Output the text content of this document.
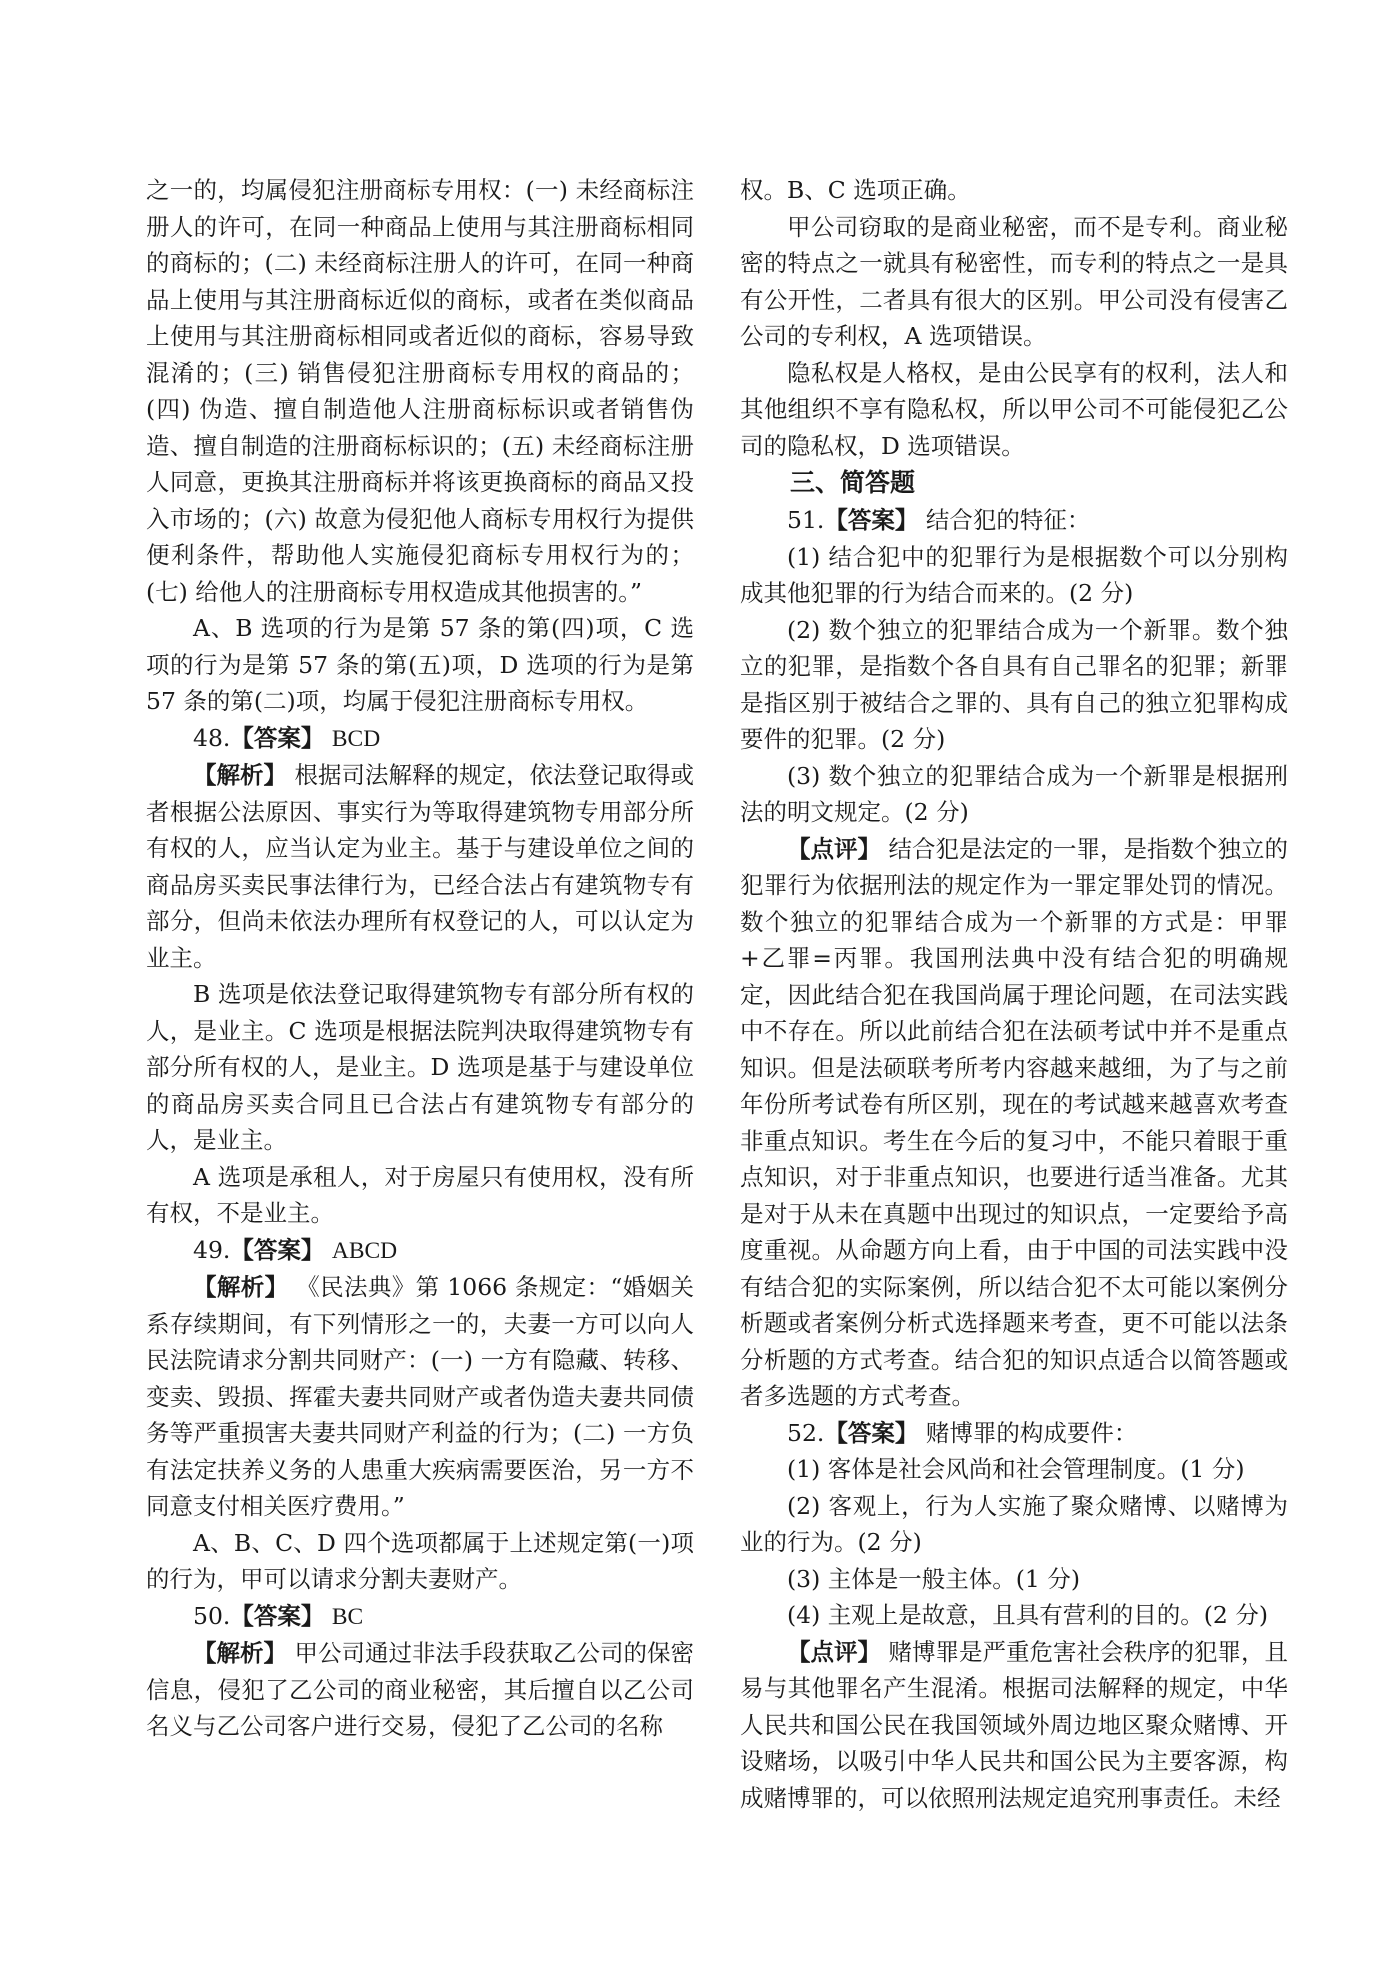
之一的，均属侵犯注册商标专用权：(一) 未经商标注册人的许可，在同一种商品上使用与其注册商标相同的商标的；(二) 未经商标注册人的许可，在同一种商品上使用与其注册商标近似的商标，或者在类似商品上使用与其注册商标相同或者近似的商标，容易导致混淆的；(三) 销售侵犯注册商标专用权的商品的；(四) 伪造、擅自制造他人注册商标标识或者销售伪造、擅自制造的注册商标标识的；(五) 未经商标注册人同意，更换其注册商标并将该更换商标的商品又投入市场的；(六) 故意为侵犯他人商标专用权行为提供便利条件，帮助他人实施侵犯商标专用权行为的；(七) 给他人的注册商标专用权造成其他损害的。”

A、B 选项的行为是第 57 条的第(四)项，C 选项的行为是第 57 条的第(五)项，D 选项的行为是第 57 条的第(二)项，均属于侵犯注册商标专用权。

48.【答案】 BCD

【解析】 根据司法解释的规定，依法登记取得或者根据公法原因、事实行为等取得建筑物专用部分所有权的人，应当认定为业主。基于与建设单位之间的商品房买卖民事法律行为，已经合法占有建筑物专有部分，但尚未依法办理所有权登记的人，可以认定为业主。

B 选项是依法登记取得建筑物专有部分所有权的人，是业主。C 选项是根据法院判决取得建筑物专有部分所有权的人，是业主。D 选项是基于与建设单位的商品房买卖合同且已合法占有建筑物专有部分的人，是业主。

A 选项是承租人，对于房屋只有使用权，没有所有权，不是业主。

49.【答案】 ABCD

【解析】 《民法典》第 1066 条规定：“婚姻关系存续期间，有下列情形之一的，夫妻一方可以向人民法院请求分割共同财产：(一) 一方有隐藏、转移、变卖、毁损、挥霍夫妻共同财产或者伪造夫妻共同债务等严重损害夫妻共同财产利益的行为；(二) 一方负有法定扶养义务的人患重大疾病需要医治，另一方不同意支付相关医疗费用。”

A、B、C、D 四个选项都属于上述规定第(一)项的行为，甲可以请求分割夫妻财产。

50.【答案】 BC

【解析】 甲公司通过非法手段获取乙公司的保密信息，侵犯了乙公司的商业秘密，其后擅自以乙公司名义与乙公司客户进行交易，侵犯了乙公司的名称

权。B、C 选项正确。

甲公司窃取的是商业秘密，而不是专利。商业秘密的特点之一就具有秘密性，而专利的特点之一是具有公开性，二者具有很大的区别。甲公司没有侵害乙公司的专利权，A 选项错误。

隐私权是人格权，是由公民享有的权利，法人和其他组织不享有隐私权，所以甲公司不可能侵犯乙公司的隐私权，D 选项错误。

三、简答题

51.【答案】 结合犯的特征：

(1) 结合犯中的犯罪行为是根据数个可以分别构成其他犯罪的行为结合而来的。(2 分)

(2) 数个独立的犯罪结合成为一个新罪。数个独立的犯罪，是指数个各自具有自己罪名的犯罪；新罪是指区别于被结合之罪的、具有自己的独立犯罪构成要件的犯罪。(2 分)

(3) 数个独立的犯罪结合成为一个新罪是根据刑法的明文规定。(2 分)

【点评】 结合犯是法定的一罪，是指数个独立的犯罪行为依据刑法的规定作为一罪定罪处罚的情况。数个独立的犯罪结合成为一个新罪的方式是：甲罪+乙罪=丙罪。我国刑法典中没有结合犯的明确规定，因此结合犯在我国尚属于理论问题，在司法实践中不存在。所以此前结合犯在法硕考试中并不是重点知识。但是法硕联考所考内容越来越细，为了与之前年份所考试卷有所区别，现在的考试越来越喜欢考查非重点知识。考生在今后的复习中，不能只着眼于重点知识，对于非重点知识，也要进行适当准备。尤其是对于从未在真题中出现过的知识点，一定要给予高度重视。从命题方向上看，由于中国的司法实践中没有结合犯的实际案例，所以结合犯不太可能以案例分析题或者案例分析式选择题来考查，更不可能以法条分析题的方式考查。结合犯的知识点适合以简答题或者多选题的方式考查。

52.【答案】 赌博罪的构成要件：

(1) 客体是社会风尚和社会管理制度。(1 分)

(2) 客观上，行为人实施了聚众赌博、以赌博为业的行为。(2 分)

(3) 主体是一般主体。(1 分)

(4) 主观上是故意，且具有营利的目的。(2 分)

【点评】 赌博罪是严重危害社会秩序的犯罪，且易与其他罪名产生混淆。根据司法解释的规定，中华人民共和国公民在我国领域外周边地区聚众赌博、开设赌场，以吸引中华人民共和国公民为主要客源，构成赌博罪的，可以依照刑法规定追究刑事责任。未经
